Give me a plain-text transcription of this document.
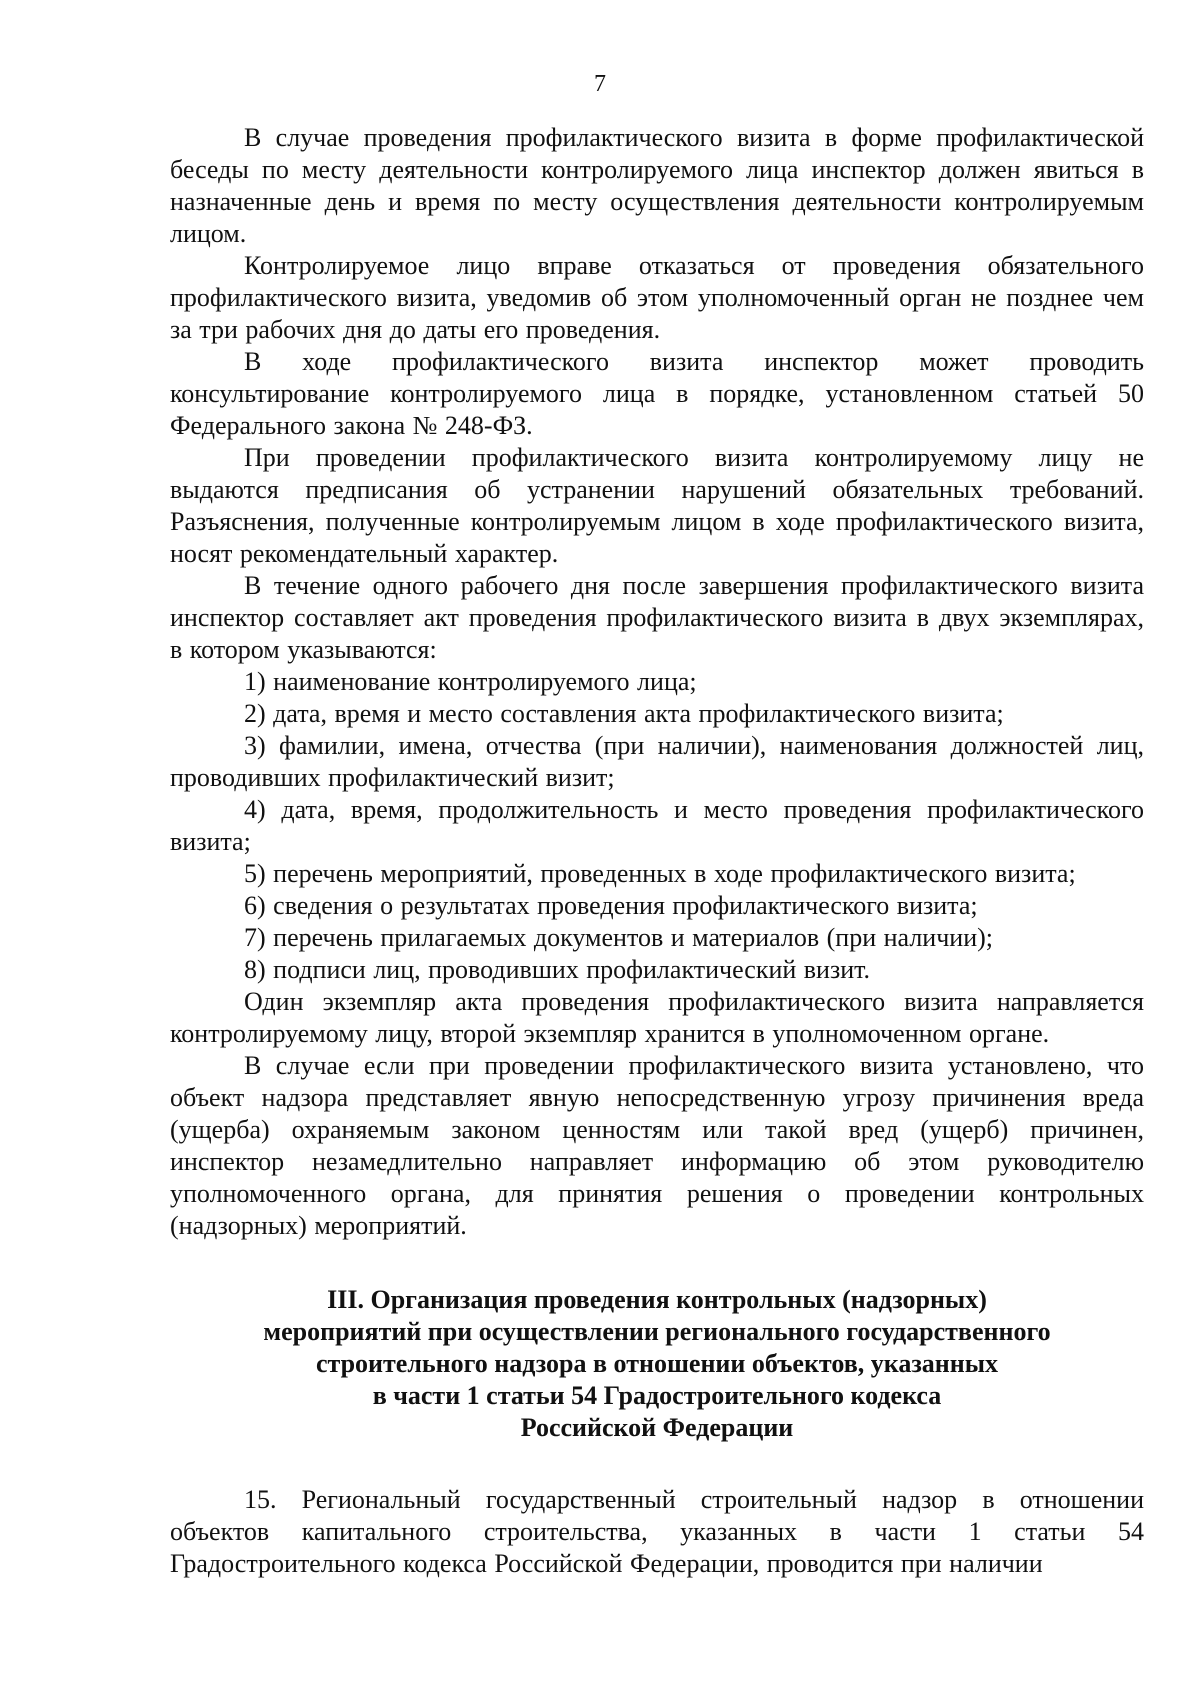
7

В случае проведения профилактического визита в форме профилактической беседы по месту деятельности контролируемого лица инспектор должен явиться в назначенные день и время по месту осуществления деятельности контролируемым лицом.

Контролируемое лицо вправе отказаться от проведения обязательного профилактического визита, уведомив об этом уполномоченный орган не позднее чем за три рабочих дня до даты его проведения.

В ходе профилактического визита инспектор может проводить консультирование контролируемого лица в порядке, установленном статьей 50 Федерального закона № 248-ФЗ.

При проведении профилактического визита контролируемому лицу не выдаются предписания об устранении нарушений обязательных требований. Разъяснения, полученные контролируемым лицом в ходе профилактического визита, носят рекомендательный характер.

В течение одного рабочего дня после завершения профилактического визита инспектор составляет акт проведения профилактического визита в двух экземплярах, в котором указываются:

1) наименование контролируемого лица;

2) дата, время и место составления акта профилактического визита;

3) фамилии, имена, отчества (при наличии), наименования должностей лиц, проводивших профилактический визит;

4) дата, время, продолжительность и место проведения профилактического визита;

5) перечень мероприятий, проведенных в ходе профилактического визита;

6) сведения о результатах проведения профилактического визита;

7) перечень прилагаемых документов и материалов (при наличии);

8) подписи лиц, проводивших профилактический визит.

Один экземпляр акта проведения профилактического визита направляется контролируемому лицу, второй экземпляр хранится в уполномоченном органе.

В случае если при проведении профилактического визита установлено, что объект надзора представляет явную непосредственную угрозу причинения вреда (ущерба) охраняемым законом ценностям или такой вред (ущерб) причинен, инспектор незамедлительно направляет информацию об этом руководителю уполномоченного органа, для принятия решения о проведении контрольных (надзорных) мероприятий.

III. Организация проведения контрольных (надзорных)
мероприятий при осуществлении регионального государственного
строительного надзора в отношении объектов, указанных
в части 1 статьи 54 Градостроительного кодекса
Российской Федерации

15. Региональный государственный строительный надзор в отношении объектов капитального строительства, указанных в части 1 статьи 54 Градостроительного кодекса Российской Федерации, проводится при наличии
